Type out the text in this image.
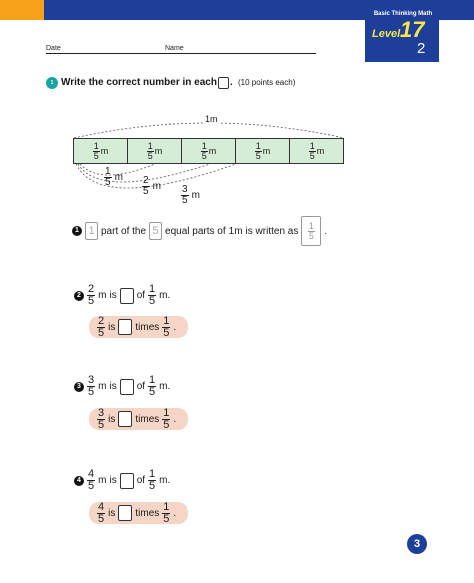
Basic Thinking Math
Level 17
2
Date	Name
1 Write the correct number in each . (10 points each)
1m
$\frac{1}{5}$ m	$\frac{1}{5}$ m	$\frac{1}{5}$ m	$\frac{1}{5}$ m	$\frac{1}{5}$ m
$\frac{1}{5}$ m $\frac{2}{5}$ m $\frac{3}{5}$ m
1 1 part of the 5 equal parts of 1m is written as $\frac{1}{5}$ .
$2 \frac{2}{5}$ m is of $\frac{1}{5} m$.
$\frac{2}{5}$ is times $\frac{1}{5}$ .
$3 \frac{3}{5}$ m is of $\frac{1}{5} m$.
$\frac{3}{5}$ is times $\frac{1}{5}$ .
$4 \frac{4}{5}$ m is of $\frac{1}{5} m$.
$\frac{4}{5}$ is times $\frac{1}{5}$ .
3
